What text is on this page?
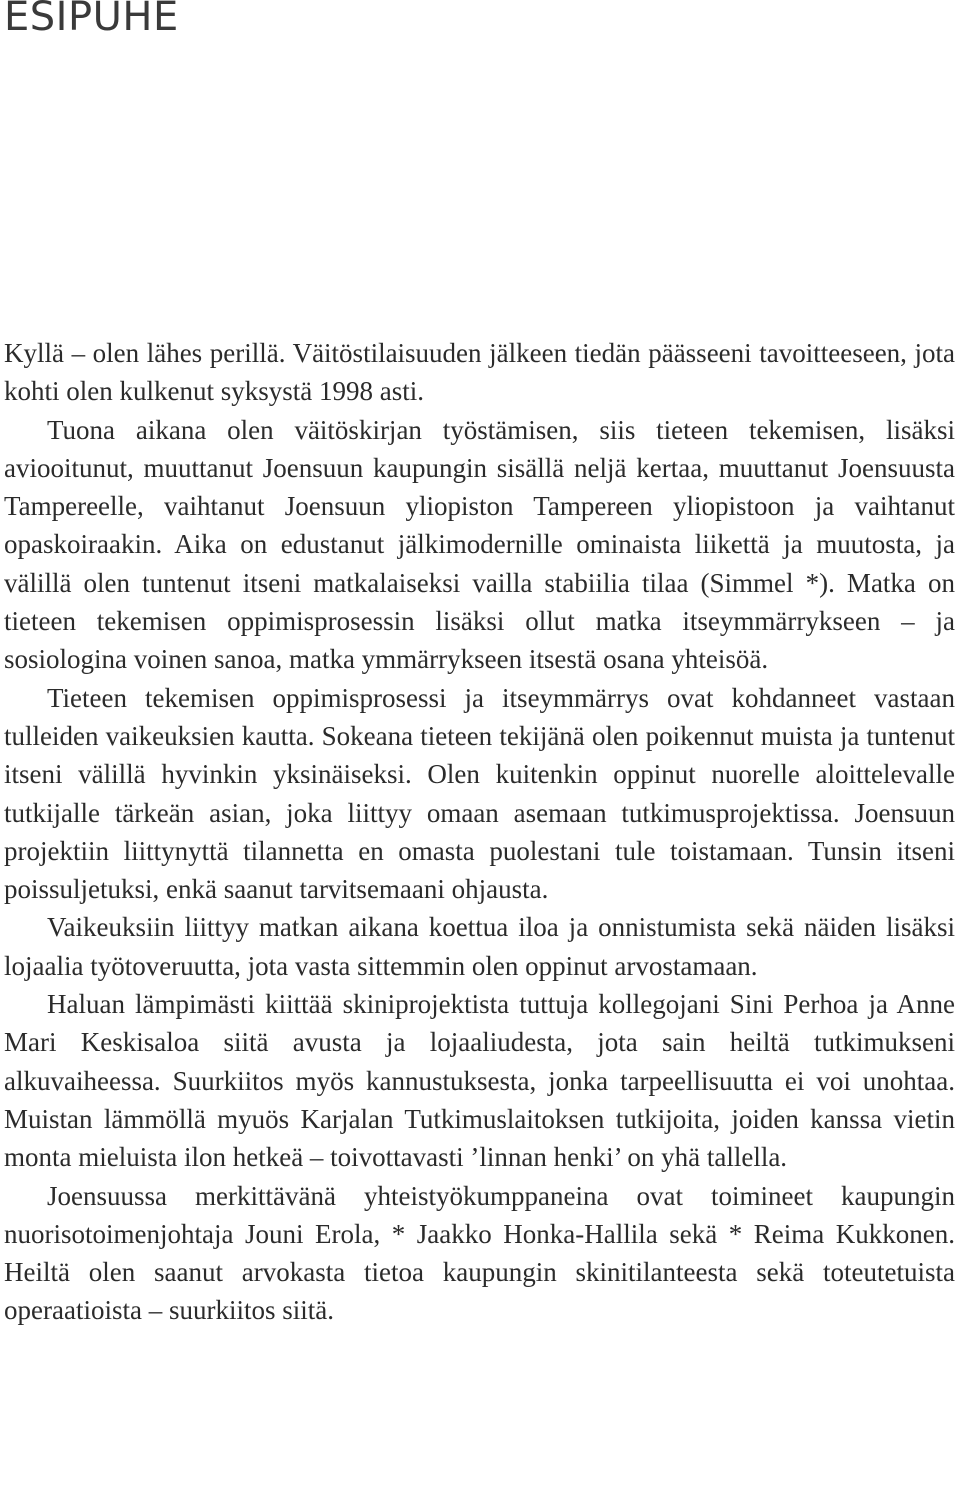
ESIPUHE

Kyllä – olen lähes perillä. Väitöstilaisuuden jälkeen tiedän päässeeni tavoitteeseen, jota kohti olen kulkenut syksystä 1998 asti.

Tuona aikana olen väitöskirjan työstämisen, siis tieteen tekemisen, lisäksi aviooitunut, muuttanut Joensuun kaupungin sisällä neljä kertaa, muuttanut Joensuusta Tampereelle, vaihtanut Joensuun yliopiston Tampereen yliopistoon ja vaihtanut opaskoiraakin. Aika on edustanut jälkimodernille ominaista liikettä ja muutosta, ja välillä olen tuntenut itseni matkalaiseksi vailla stabiilia tilaa (Simmel *). Matka on tieteen tekemisen oppimisprosessin lisäksi ollut matka itseymmärrykseen – ja sosiologina voinen sanoa, matka ymmärrykseen itsestä osana yhteisöä.

Tieteen tekemisen oppimisprosessi ja itseymmärrys ovat kohdanneet vastaan tulleiden vaikeuksien kautta. Sokeana tieteen tekijänä olen poikennut muista ja tuntenut itseni välillä hyvinkin yksinäiseksi. Olen kuitenkin oppinut nuorelle aloittelevalle tutkijalle tärkeän asian, joka liittyy omaan asemaan tutkimusprojektissa. Joensuun projektiin liittynyttä tilannetta en omasta puolestani tule toistamaan. Tunsin itseni poissuljetuksi, enkä saanut tarvitsemaani ohjausta.

Vaikeuksiin liittyy matkan aikana koettua iloa ja onnistumista sekä näiden lisäksi lojaalia työtoveruutta, jota vasta sittemmin olen oppinut arvostamaan.

Haluan lämpimästi kiittää skiniprojektista tuttuja kollegojani Sini Perhoa ja Anne Mari Keskisaloa siitä avusta ja lojaaliudesta, jota sain heiltä tutkimukseni alkuvaiheessa. Suurkiitos myös kannustuksesta, jonka tarpeellisuutta ei voi unohtaa. Muistan lämmöllä myuös Karjalan Tutkimuslaitoksen tutkijoita, joiden kanssa vietin monta mieluista ilon hetkeä – toivottavasti ’linnan henki’ on yhä tallella.

Joensuussa merkittävänä yhteistyökumppaneina ovat toimineet kaupungin nuorisotoimenjohtaja Jouni Erola, * Jaakko Honka-Hallila sekä * Reima Kukkonen. Heiltä olen saanut arvokasta tietoa kaupungin skinitilanteesta sekä toteutetuista operaatioista – suurkiitos siitä.
